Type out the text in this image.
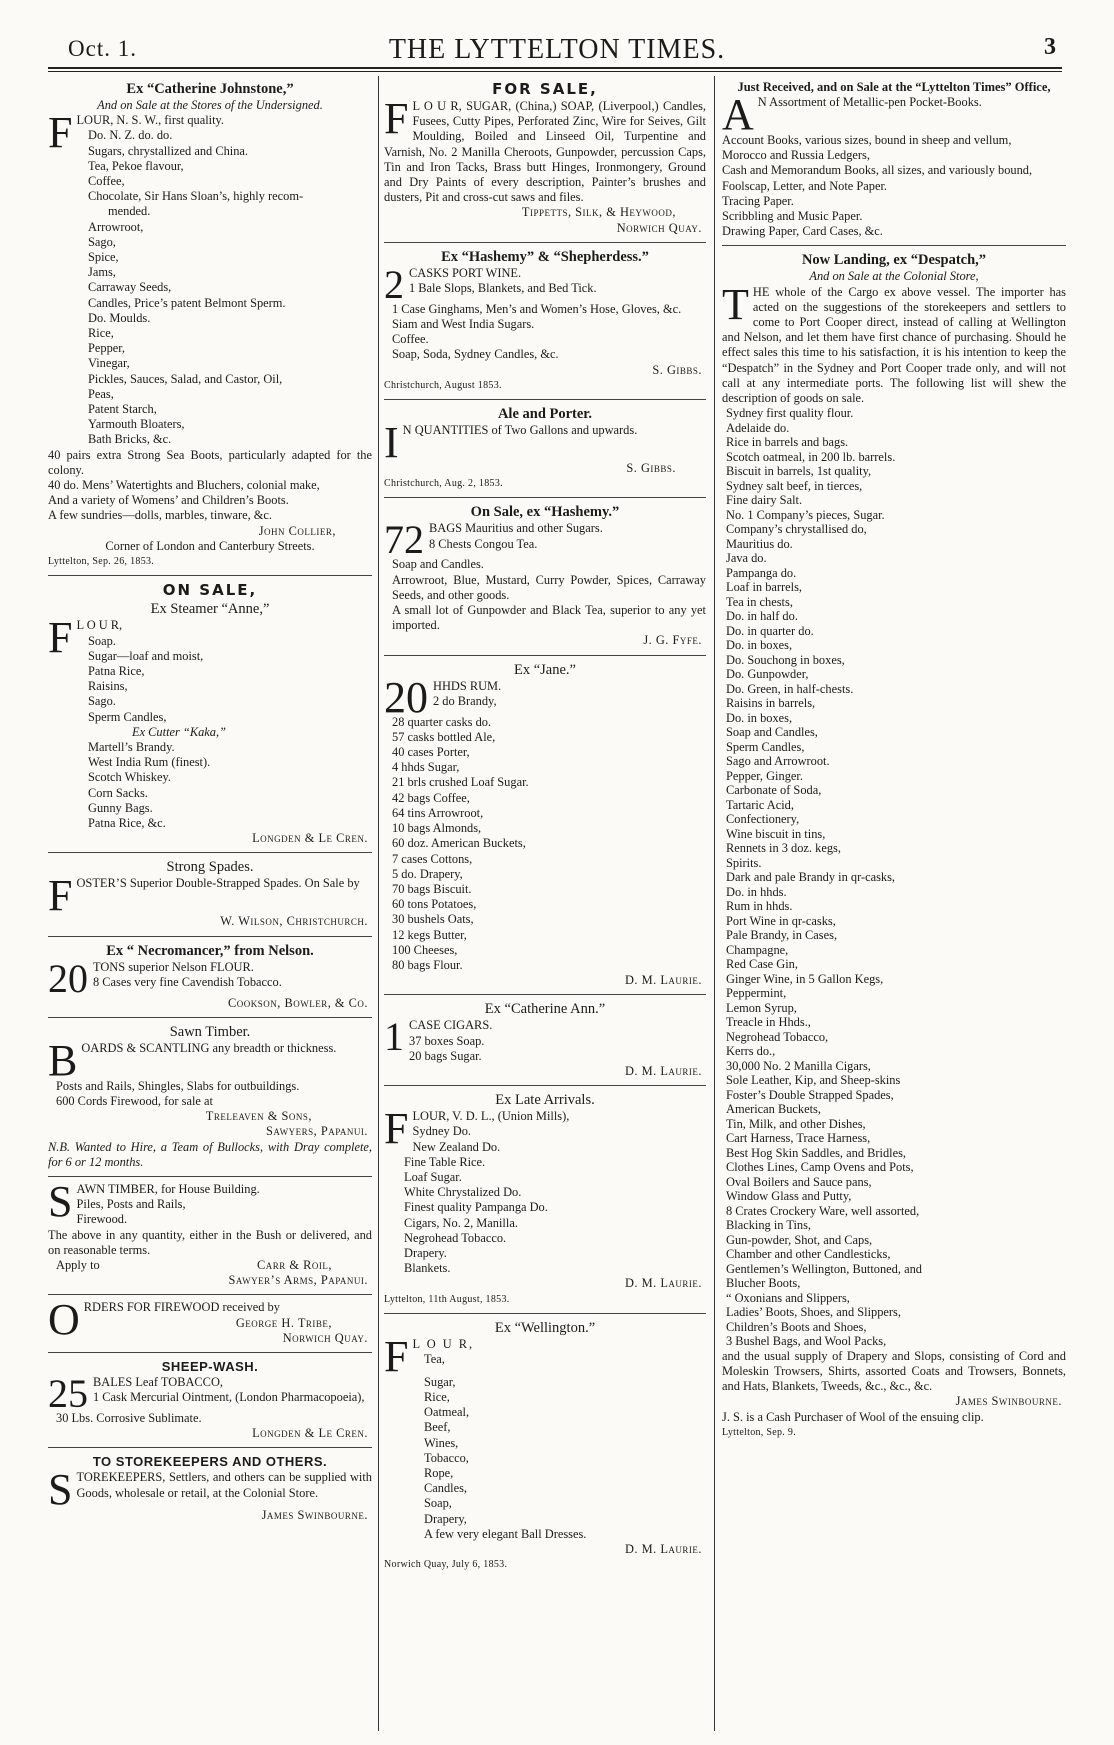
Oct. 1.	THE LYTTELTON TIMES.	3
Ex “Catherine Johnstone,”
And on Sale at the Stores of the Undersigned.
FLOUR, N. S. W., first quality.
Do. N. Z. do. do.
Sugars, chrystallized and China.
Tea, Pekoe flavour,
Coffee,
Chocolate, Sir Hans Sloan’s, highly recom-
mended.
Arrowroot,
Sago,
Spice,
Jams,
Carraway Seeds,
Candles, Price’s patent Belmont Sperm.
Do. Moulds.
Rice,
Pepper,
Vinegar,
Pickles, Sauces, Salad, and Castor, Oil,
Peas,
Patent Starch,
Yarmouth Bloaters,
Bath Bricks, &c.
40 pairs extra Strong Sea Boots, particularly adapted for the colony.
40 do. Mens’ Watertights and Bluchers, colonial make,
And a variety of Womens’ and Children’s Boots.
A few sundries—dolls, marbles, tinware, &c.
John Collier,
Corner of London and Canterbury Streets.
Lyttelton, Sep. 26, 1853.
ON SALE,
Ex Steamer “Anne,”
F L O U R,
Soap.
Sugar—loaf and moist,
Patna Rice,
Raisins,
Sago.
Sperm Candles,
Ex Cutter “Kaka,”
Martell’s Brandy.
West India Rum (finest).
Scotch Whiskey.
Corn Sacks.
Gunny Bags.
Patna Rice, &c.
Longden & Le Cren.
Strong Spades.
FOSTER’S Superior Double-Strapped Spades. On Sale by
W. Wilson, Christchurch.
Ex “ Necromancer,” from Nelson.
20 TONS superior Nelson FLOUR.
8 Cases very fine Cavendish Tobacco.
Cookson, Bowler, & Co.
Sawn Timber.
BOARDS & SCANTLING any breadth or thickness.
Posts and Rails, Shingles, Slabs for outbuildings.
600 Cords Firewood, for sale at
Treleaven & Sons,
Sawyers, Papanui.
N.B. Wanted to Hire, a Team of Bullocks, with Dray complete, for 6 or 12 months.
SAWN TIMBER, for House Building.
Piles, Posts and Rails,
Firewood.
The above in any quantity, either in the Bush or delivered, and on reasonable terms.
Apply to	Carr & Roil,
Sawyer’s Arms, Papanui.
ORDERS FOR FIREWOOD received by
George H. Tribe,
Norwich Quay.
SHEEP-WASH.
25 BALES Leaf TOBACCO,
1 Cask Mercurial Ointment, (London Pharmacopoeia),
30 Lbs. Corrosive Sublimate.
Longden & Le Cren.
TO STOREKEEPERS AND OTHERS.
STOREKEEPERS, Settlers, and others can be supplied with Goods, wholesale or retail, at the Colonial Store.
James Swinbourne.
FOR SALE,
F L O U R, SUGAR, (China,) SOAP, (Liverpool,) Candles, Fusees, Cutty Pipes, Perforated Zinc, Wire for Seives, Gilt Moulding, Boiled and Linseed Oil, Turpentine and Varnish, No. 2 Manilla Cheroots, Gunpowder, percussion Caps, Tin and Iron Tacks, Brass butt Hinges, Ironmongery, Ground and Dry Paints of every description, Painter’s brushes and dusters, Pit and cross-cut saws and files.
Tippetts, Silk, & Heywood,
Norwich Quay.
Ex “Hashemy” & “Shepherdess.”
2 CASKS PORT WINE.
1 Bale Slops, Blankets, and Bed Tick.
1 Case Ginghams, Men’s and Women’s Hose, Gloves, &c.
Siam and West India Sugars.
Coffee.
Soap, Soda, Sydney Candles, &c.
S. Gibbs.
Christchurch, August 1853.
Ale and Porter.
I N QUANTITIES of Two Gallons and upwards.
S. Gibbs.
Christchurch, Aug. 2, 1853.
On Sale, ex “Hashemy.”
72 BAGS Mauritius and other Sugars.
8 Chests Congou Tea.
Soap and Candles.
Arrowroot, Blue, Mustard, Curry Powder, Spices, Carraway Seeds, and other goods.
A small lot of Gunpowder and Black Tea, superior to any yet imported.
J. G. Fyfe.
Ex “Jane.”
20 HHDS RUM.
2 do Brandy,
28 quarter casks do.
57 casks bottled Ale,
40 cases Porter,
4 hhds Sugar,
21 brls crushed Loaf Sugar.
42 bags Coffee,
64 tins Arrowroot,
10 bags Almonds,
60 doz. American Buckets,
7 cases Cottons,
5 do. Drapery,
70 bags Biscuit.
60 tons Potatoes,
30 bushels Oats,
12 kegs Butter,
100 Cheeses,
80 bags Flour.
D. M. Laurie.
Ex “Catherine Ann.”
1 CASE CIGARS.
37 boxes Soap.
20 bags Sugar.
D. M. Laurie.
Ex Late Arrivals.
FLOUR, V. D. L., (Union Mills),
Sydney Do.
New Zealand Do.
Fine Table Rice.
Loaf Sugar.
White Chrystalized Do.
Finest quality Pampanga Do.
Cigars, No. 2, Manilla.
Negrohead Tobacco.
Drapery.
Blankets.
D. M. Laurie.
Lyttelton, 11th August, 1853.
Ex “Wellington.”
F L O U R,
Tea,
Sugar,
Rice,
Oatmeal,
Beef,
Wines,
Tobacco,
Rope,
Candles,
Soap,
Drapery,
A few very elegant Ball Dresses.
D. M. Laurie.
Norwich Quay, July 6, 1853.
Just Received, and on Sale at the “Lyttelton Times” Office,
A N Assortment of Metallic-pen Pocket-Books.
Account Books, various sizes, bound in sheep and vellum,
Morocco and Russia Ledgers,
Cash and Memorandum Books, all sizes, and variously bound,
Foolscap, Letter, and Note Paper.
Tracing Paper.
Scribbling and Music Paper.
Drawing Paper, Card Cases, &c.
Now Landing, ex “Despatch,”
And on Sale at the Colonial Store,
THE whole of the Cargo ex above vessel. The importer has acted on the suggestions of the storekeepers and settlers to come to Port Cooper direct, instead of calling at Wellington and Nelson, and let them have first chance of purchasing. Should he effect sales this time to his satisfaction, it is his intention to keep the “Despatch” in the Sydney and Port Cooper trade only, and will not call at any intermediate ports. The following list will shew the description of goods on sale.
Sydney first quality flour.
Adelaide do.
Rice in barrels and bags.
Scotch oatmeal, in 200 lb. barrels.
Biscuit in barrels, 1st quality,
Sydney salt beef, in tierces,
Fine dairy Salt.
No. 1 Company’s pieces, Sugar.
Company’s chrystallised do,
Mauritius do.
Java do.
Pampanga do.
Loaf in barrels,
Tea in chests,
Do. in half do.
Do. in quarter do.
Do. in boxes,
Do. Souchong in boxes,
Do. Gunpowder,
Do. Green, in half-chests.
Raisins in barrels,
Do. in boxes,
Soap and Candles,
Sperm Candles,
Sago and Arrowroot.
Pepper, Ginger.
Carbonate of Soda,
Tartaric Acid,
Confectionery,
Wine biscuit in tins,
Rennets in 3 doz. kegs,
Spirits.
Dark and pale Brandy in qr-casks,
Do. in hhds.
Rum in hhds.
Port Wine in qr-casks,
Pale Brandy, in Cases,
Champagne,
Red Case Gin,
Ginger Wine, in 5 Gallon Kegs,
Peppermint,
Lemon Syrup,
Treacle in Hhds.,
Negrohead Tobacco,
Kerrs do.,
30,000 No. 2 Manilla Cigars,
Sole Leather, Kip, and Sheep-skins
Foster’s Double Strapped Spades,
American Buckets,
Tin, Milk, and other Dishes,
Cart Harness, Trace Harness,
Best Hog Skin Saddles, and Bridles,
Clothes Lines, Camp Ovens and Pots,
Oval Boilers and Sauce pans,
Window Glass and Putty,
8 Crates Crockery Ware, well assorted,
Blacking in Tins,
Gun-powder, Shot, and Caps,
Chamber and other Candlesticks,
Gentlemen’s Wellington, Buttoned, and
Blucher Boots,
“ Oxonians and Slippers,
Ladies’ Boots, Shoes, and Slippers,
Children’s Boots and Shoes,
3 Bushel Bags, and Wool Packs,
and the usual supply of Drapery and Slops, consisting of Cord and Moleskin Trowsers, Shirts, assorted Coats and Trowsers, Bonnets, and Hats, Blankets, Tweeds, &c., &c., &c.
James Swinbourne.
J. S. is a Cash Purchaser of Wool of the ensuing clip.
Lyttelton, Sep. 9.
